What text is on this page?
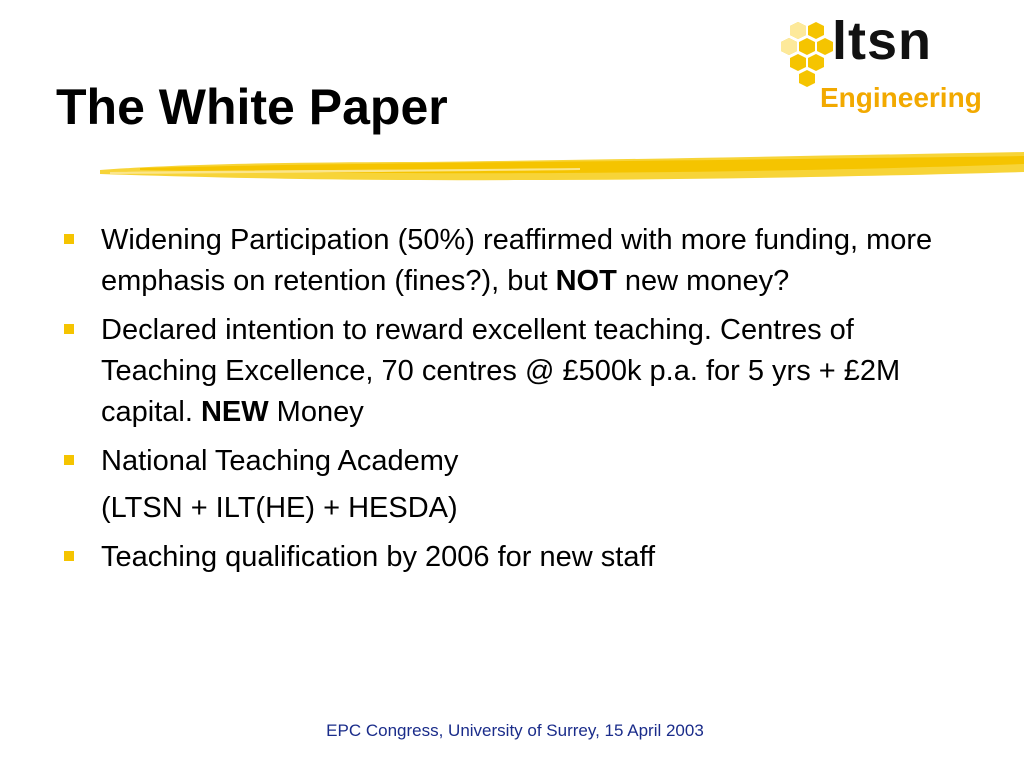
ltsn
Engineering
The White Paper
Widening Participation (50%) reaffirmed with more funding, more emphasis on retention (fines?), but NOT new money?
Declared intention to reward excellent teaching. Centres of Teaching Excellence, 70 centres @ £500k p.a. for 5 yrs + £2M capital. NEW Money
National Teaching Academy
(LTSN + ILT(HE) + HESDA)
Teaching qualification by 2006 for new staff
EPC Congress, University of Surrey, 15 April 2003
